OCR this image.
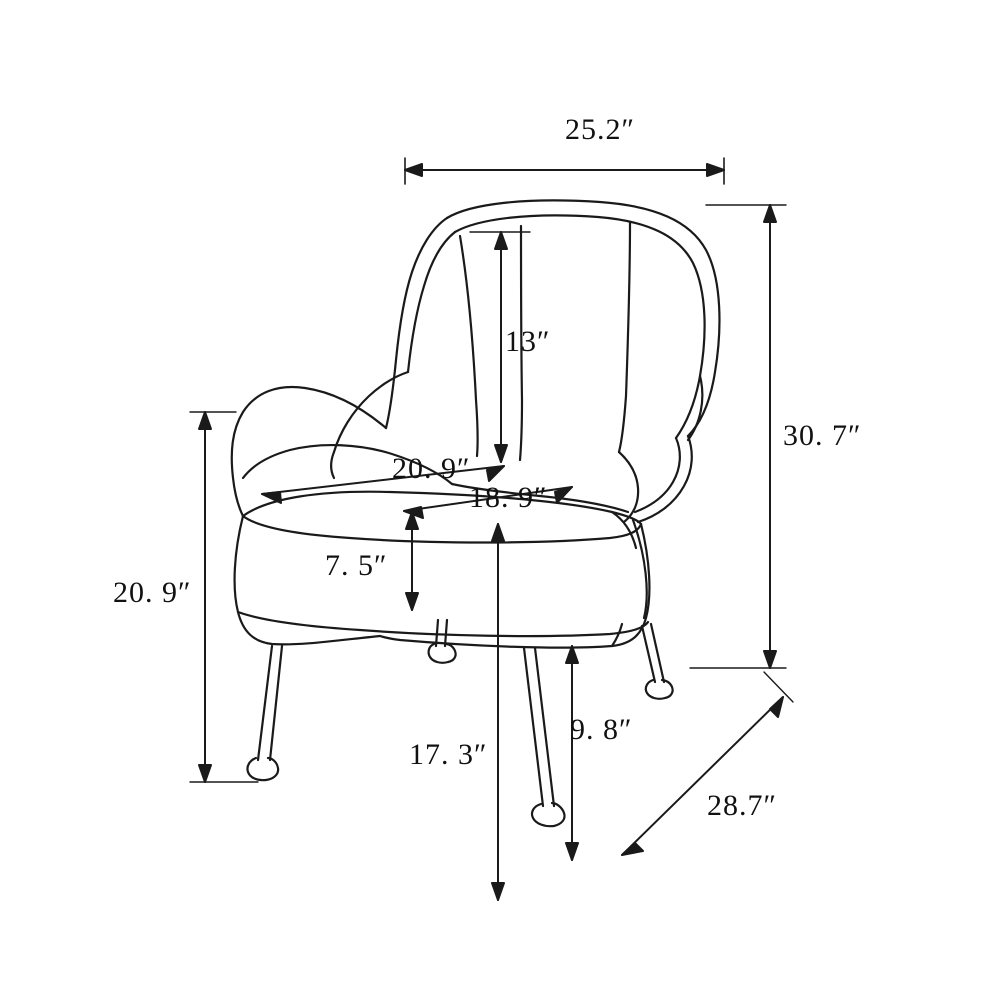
25.2″
30. 7″
13″
20. 9″
18. 9″
7. 5″
20. 9″
17. 3″
9. 8″
28.7″
